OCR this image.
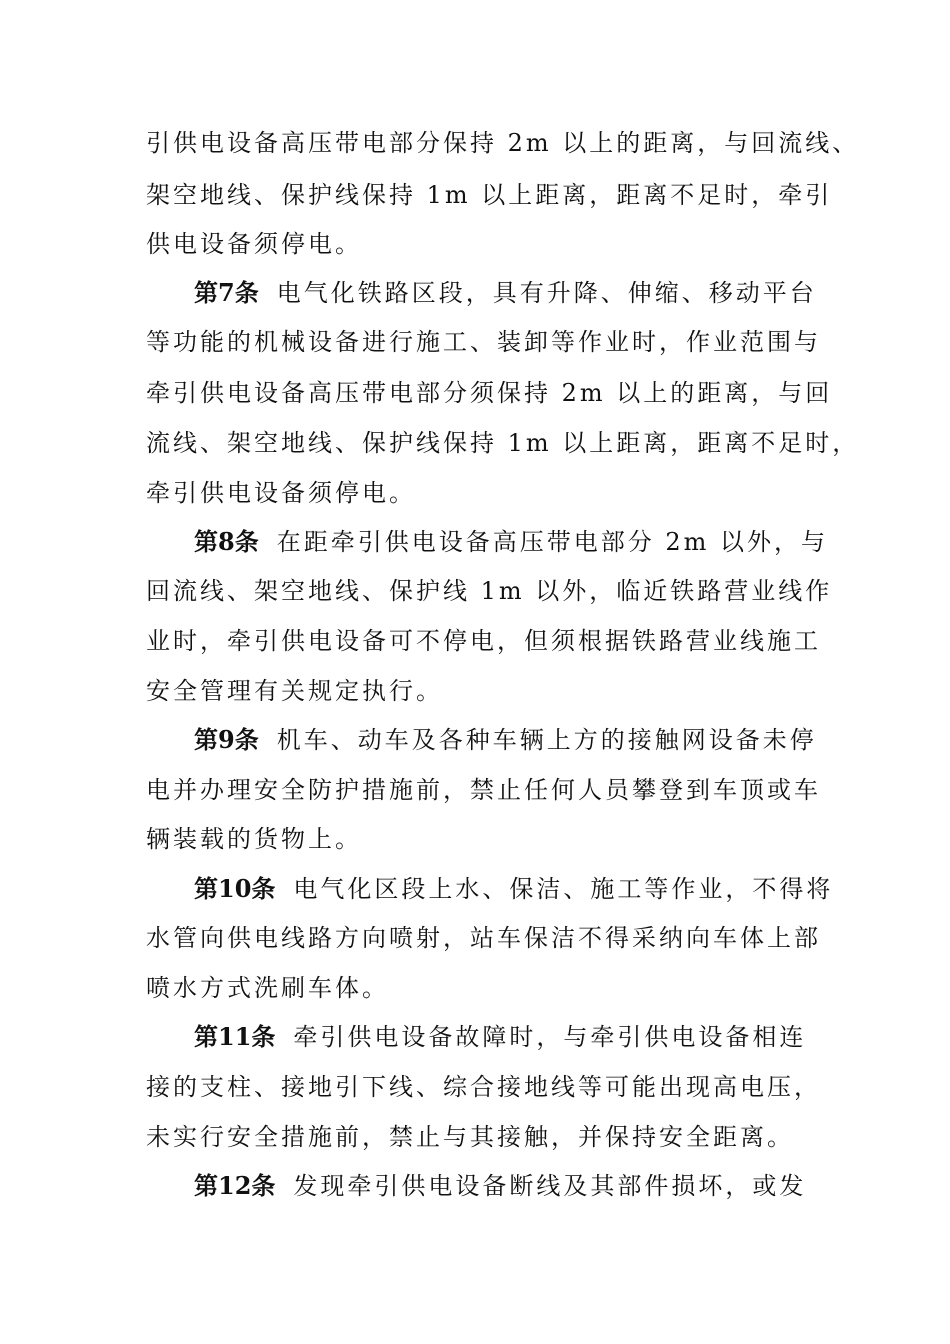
引供电设备高压带电部分保持 2m 以上的距离，与回流线、
架空地线、保护线保持 1m 以上距离，距离不足时，牵引
供电设备须停电。
第7条 电气化铁路区段，具有升降、伸缩、移动平台
等功能的机械设备进行施工、装卸等作业时，作业范围与
牵引供电设备高压带电部分须保持 2m 以上的距离，与回
流线、架空地线、保护线保持 1m 以上距离，距离不足时，
牵引供电设备须停电。
第8条 在距牵引供电设备高压带电部分 2m 以外，与
回流线、架空地线、保护线 1m 以外，临近铁路营业线作
业时，牵引供电设备可不停电，但须根据铁路营业线施工
安全管理有关规定执行。
第9条 机车、动车及各种车辆上方的接触网设备未停
电并办理安全防护措施前，禁止任何人员攀登到车顶或车
辆装载的货物上。
第10条 电气化区段上水、保洁、施工等作业，不得将
水管向供电线路方向喷射，站车保洁不得采纳向车体上部
喷水方式洗刷车体。
第11条 牵引供电设备故障时，与牵引供电设备相连
接的支柱、接地引下线、综合接地线等可能出现高电压，
未实行安全措施前，禁止与其接触，并保持安全距离。
第12条 发现牵引供电设备断线及其部件损坏，或发
